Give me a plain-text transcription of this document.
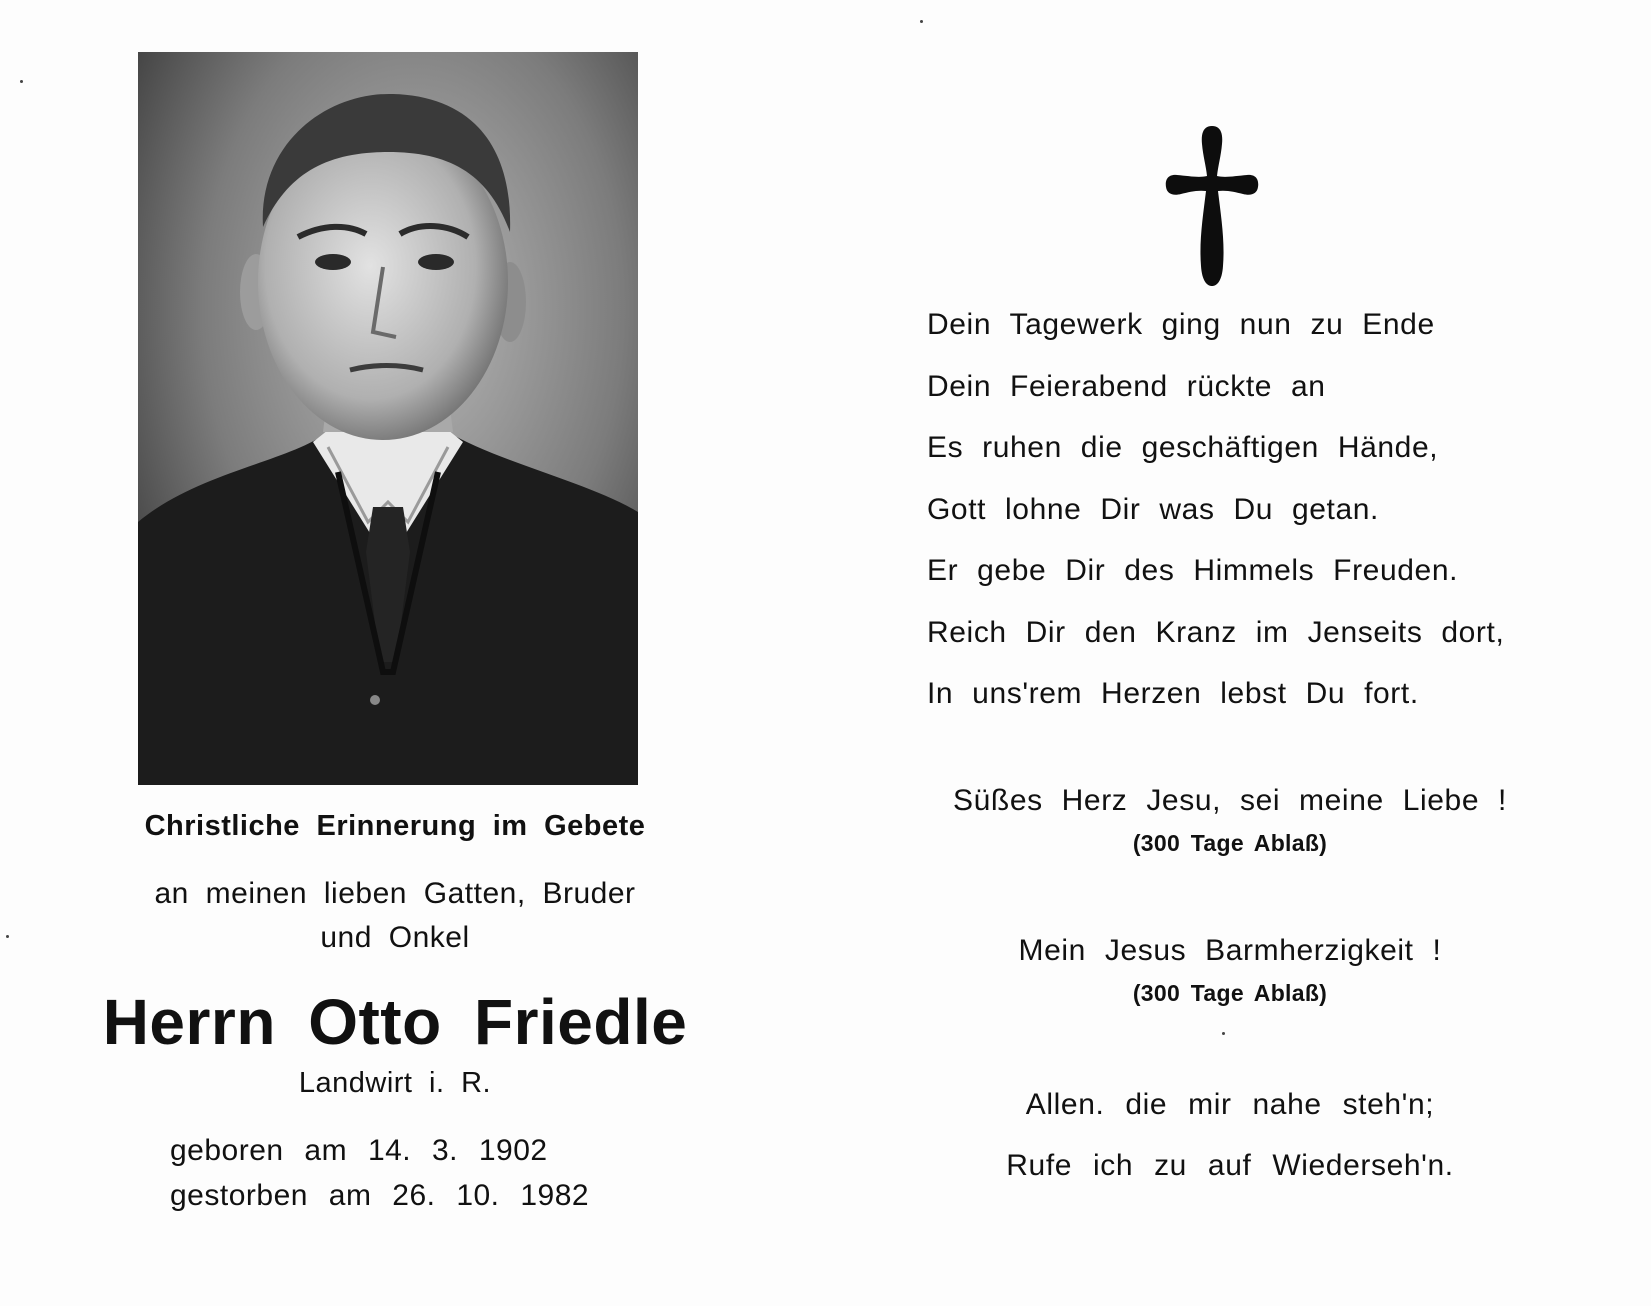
Christliche Erinnerung im Gebete
an meinen lieben Gatten, Bruder
und Onkel
Herrn Otto Friedle
Landwirt i. R.
geboren am 14. 3. 1902
gestorben am 26. 10. 1982
Dein Tagewerk ging nun zu Ende
Dein Feierabend rückte an
Es ruhen die geschäftigen Hände,
Gott lohne Dir was Du getan.
Er gebe Dir des Himmels Freuden.
Reich Dir den Kranz im Jenseits dort,
In uns'rem Herzen lebst Du fort.
Süßes Herz Jesu, sei meine Liebe !
(300 Tage Ablaß)
Mein Jesus Barmherzigkeit !
(300 Tage Ablaß)
Allen. die mir nahe steh'n;
Rufe ich zu auf Wiederseh'n.
